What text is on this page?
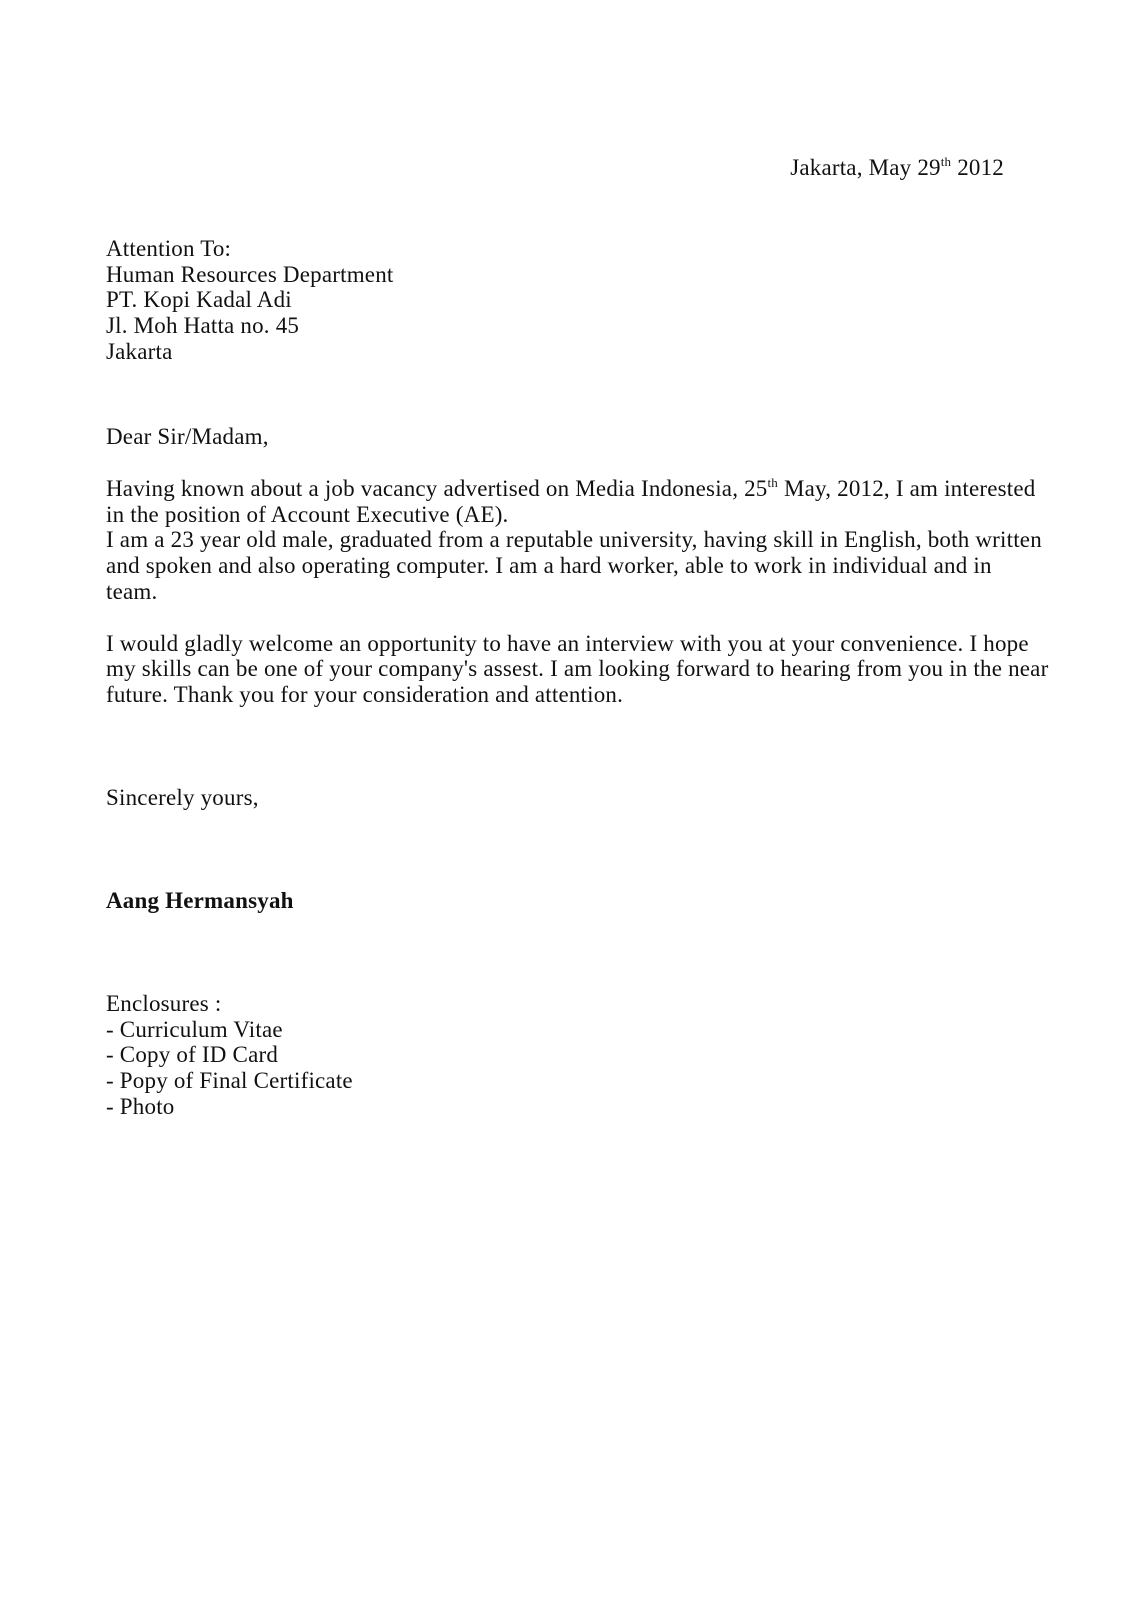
Jakarta, May 29th 2012
Attention To:
Human Resources Department
PT. Kopi Kadal Adi
Jl. Moh Hatta no. 45
Jakarta
Dear Sir/Madam,
Having known about a job vacancy advertised on Media Indonesia, 25th May, 2012, I am interested
in the position of Account Executive (AE).
I am a 23 year old male, graduated from a reputable university, having skill in English, both written
and spoken and also operating computer. I am a hard worker, able to work in individual and in
team.
I would gladly welcome an opportunity to have an interview with you at your convenience. I hope
my skills can be one of your company's assest. I am looking forward to hearing from you in the near
future. Thank you for your consideration and attention.
Sincerely yours,
Aang Hermansyah
Enclosures :
- Curriculum Vitae
- Copy of ID Card
- Popy of Final Certificate
- Photo
